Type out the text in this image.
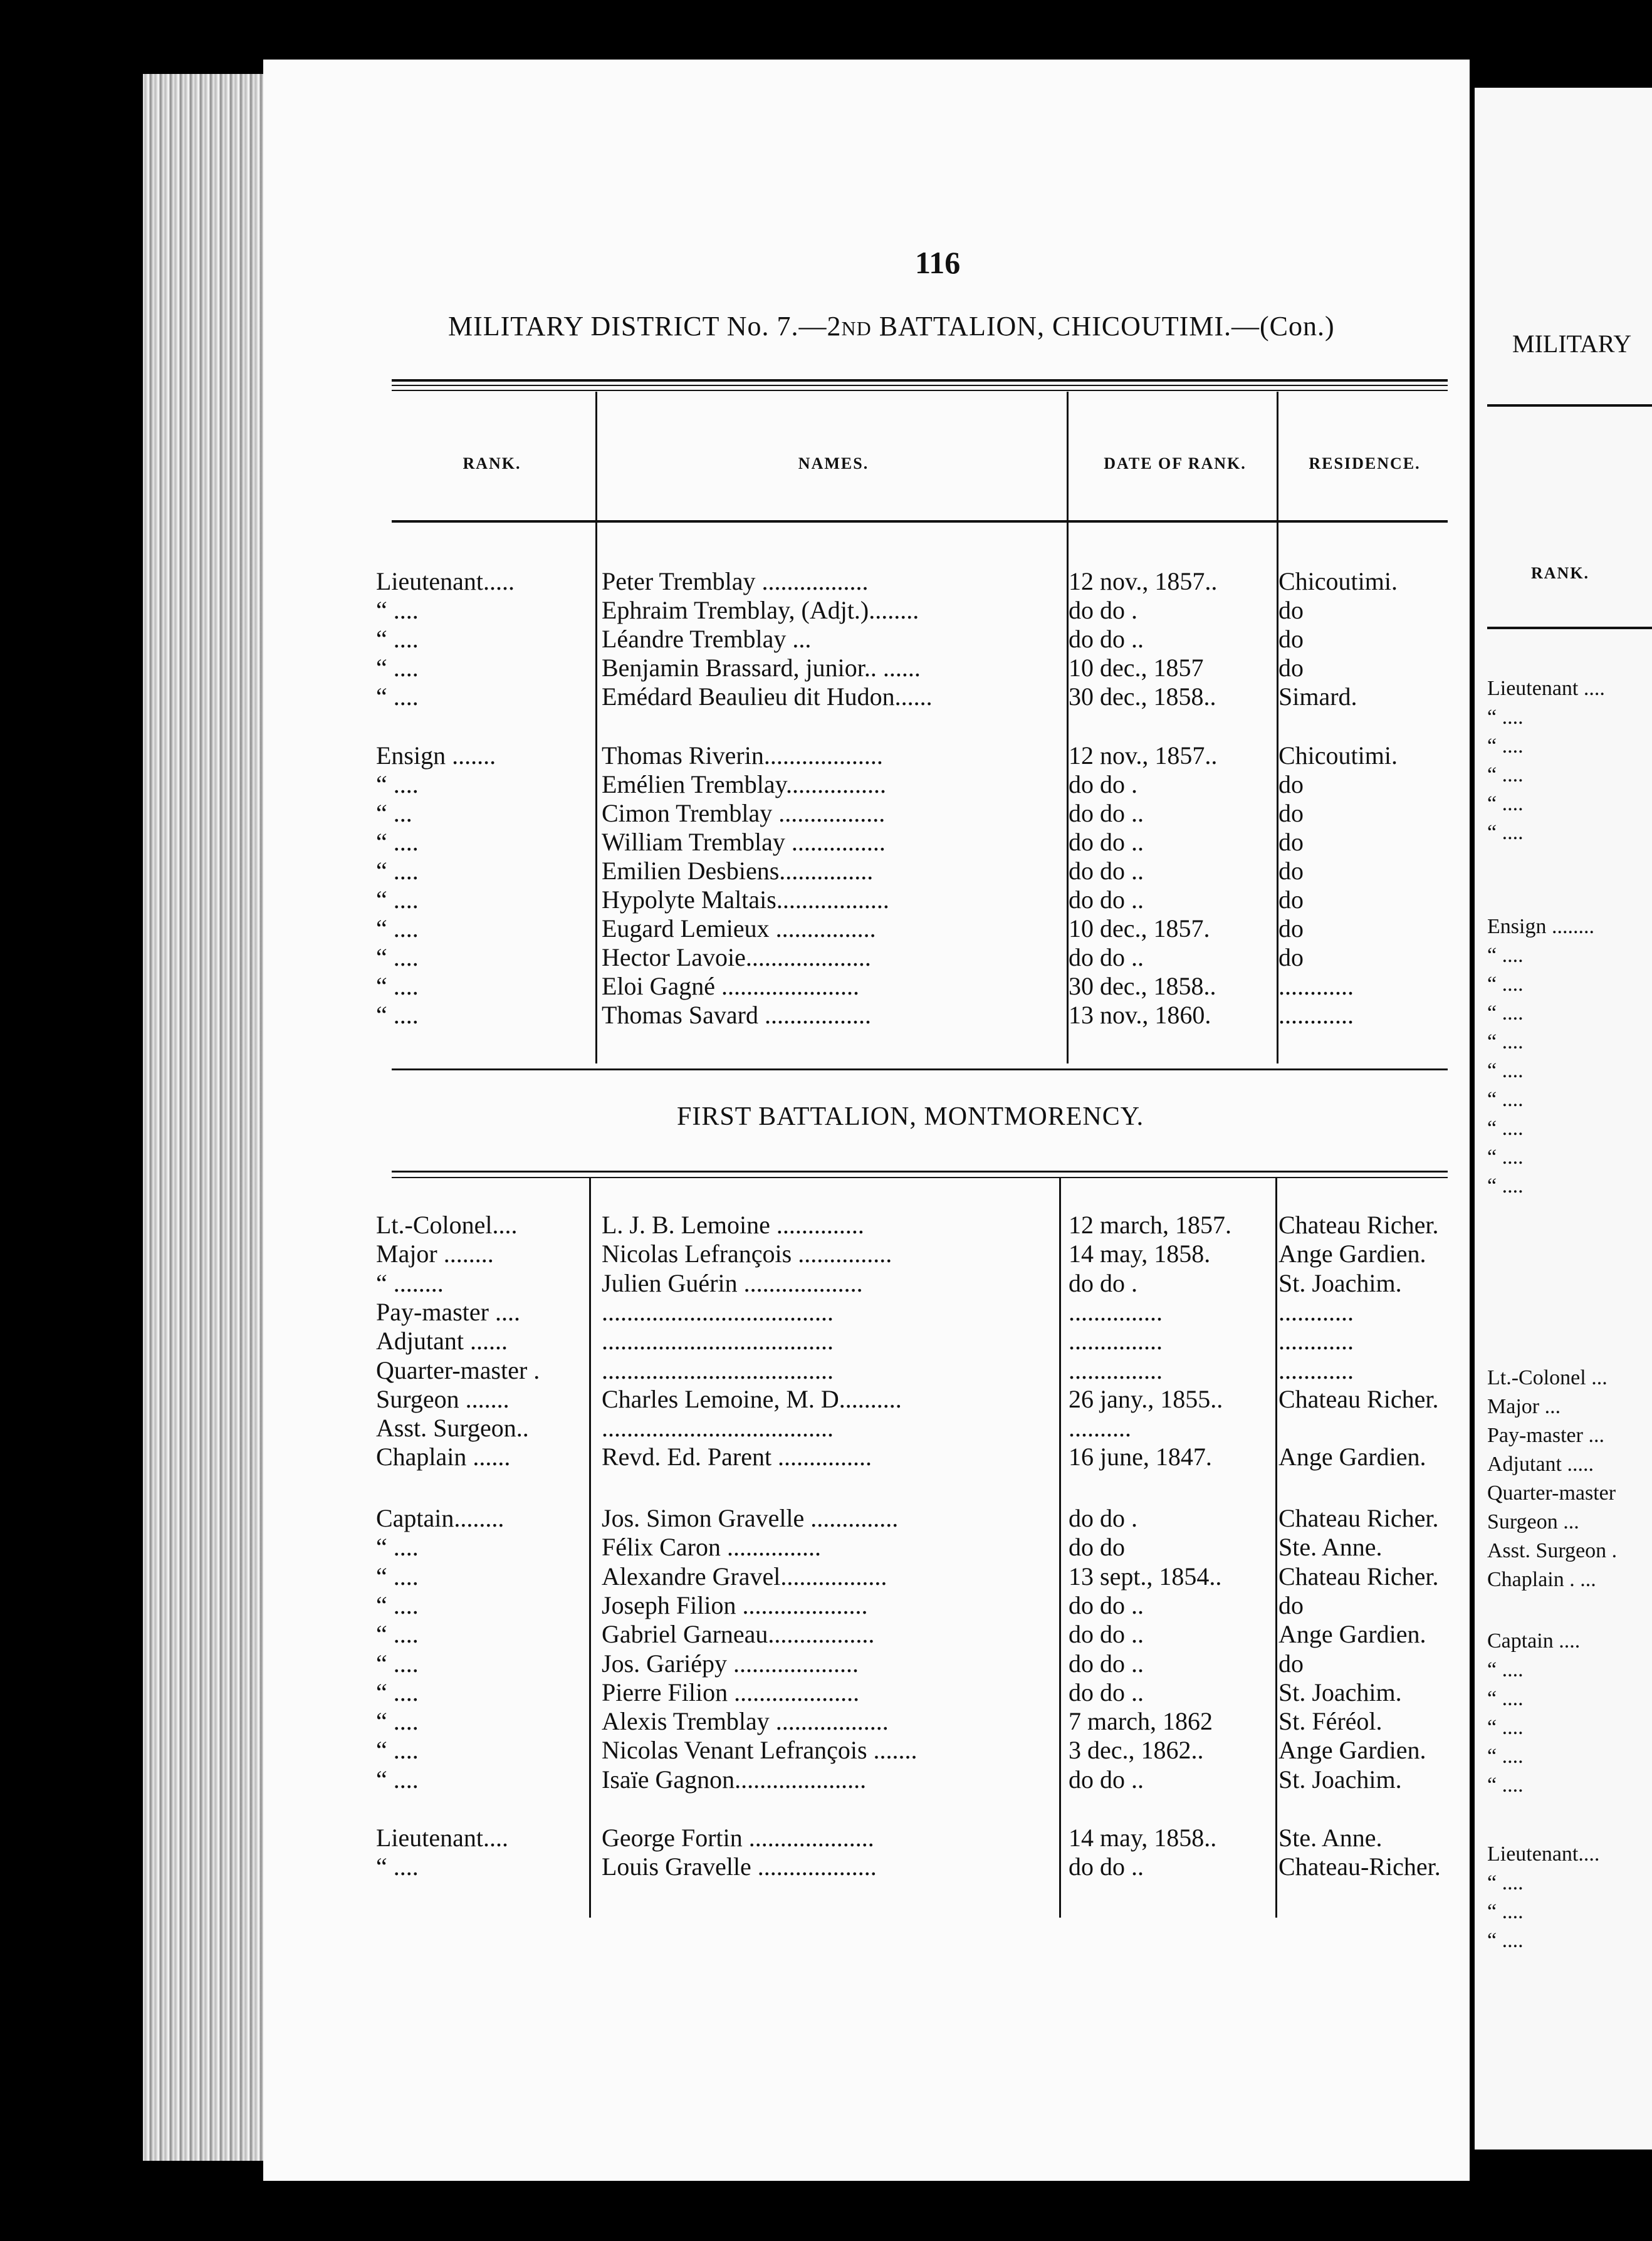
116
MILITARY DISTRICT No. 7.—2ND BATTALION, CHICOUTIMI.—(Con.)
RANK.	NAMES.	DATE OF RANK.	RESIDENCE.
Lieutenant.....	Peter Tremblay .................	12 nov., 1857..	Chicoutimi.
“ ....	Ephraim Tremblay, (Adjt.)........	do do .	do
“ ....	Léandre Tremblay ...	do do ..	do
“ ....	Benjamin Brassard, junior.. ......	10 dec., 1857	do
“ ....	Emédard Beaulieu dit Hudon......	30 dec., 1858..	Simard.
Ensign .......	Thomas Riverin...................	12 nov., 1857..	Chicoutimi.
“ ....	Emélien Tremblay................	do do .	do
“ ...	Cimon Tremblay .................	do do ..	do
“ ....	William Tremblay ...............	do do ..	do
“ ....	Emilien Desbiens...............	do do ..	do
“ ....	Hypolyte Maltais..................	do do ..	do
“ ....	Eugard Lemieux ................	10 dec., 1857.	do
“ ....	Hector Lavoie....................	do do ..	do
“ ....	Eloi Gagné ......................	30 dec., 1858..	............
“ ....	Thomas Savard .................	13 nov., 1860.	............
FIRST BATTALION, MONTMORENCY.
Lt.-Colonel....	L. J. B. Lemoine ..............	12 march, 1857.	Chateau Richer.
Major ........	Nicolas Lefrançois ...............	14 may, 1858.	Ange Gardien.
“ ........	Julien Guérin ...................	do do .	St. Joachim.
Pay-master ....	.....................................	...............	............
Adjutant ......	.....................................	...............	............
Quarter-master .	.....................................	...............	............
Surgeon .......	Charles Lemoine, M. D..........	26 jany., 1855..	Chateau Richer.
Asst. Surgeon..	.....................................	..........
Chaplain ......	Revd. Ed. Parent ...............	16 june, 1847.	Ange Gardien.
Captain........	Jos. Simon Gravelle ..............	do do .	Chateau Richer.
“ ....	Félix Caron ...............	do do	Ste. Anne.
“ ....	Alexandre Gravel.................	13 sept., 1854..	Chateau Richer.
“ ....	Joseph Filion ....................	do do ..	do
“ ....	Gabriel Garneau.................	do do ..	Ange Gardien.
“ ....	Jos. Gariépy ....................	do do ..	do
“ ....	Pierre Filion ....................	do do ..	St. Joachim.
“ ....	Alexis Tremblay ..................	7 march, 1862	St. Féréol.
“ ....	Nicolas Venant Lefrançois .......	3 dec., 1862..	Ange Gardien.
“ ....	Isaïe Gagnon.....................	do do ..	St. Joachim.
Lieutenant....	George Fortin ....................	14 may, 1858..	Ste. Anne.
“ ....	Louis Gravelle ...................	do do ..	Chateau-Richer.
MILITARY
RANK.
Lieutenant ....
“ ....
“ ....
“ ....
“ ....
“ ....
Ensign ........
“ ....
“ ....
“ ....
“ ....
“ ....
“ ....
“ ....
“ ....
“ ....
Lt.-Colonel ...
Major ...
Pay-master ...
Adjutant .....
Quarter-master
Surgeon ...
Asst. Surgeon .
Chaplain . ...
Captain ....
“ ....
“ ....
“ ....
“ ....
“ ....
Lieutenant....
“ ....
“ ....
“ ....
